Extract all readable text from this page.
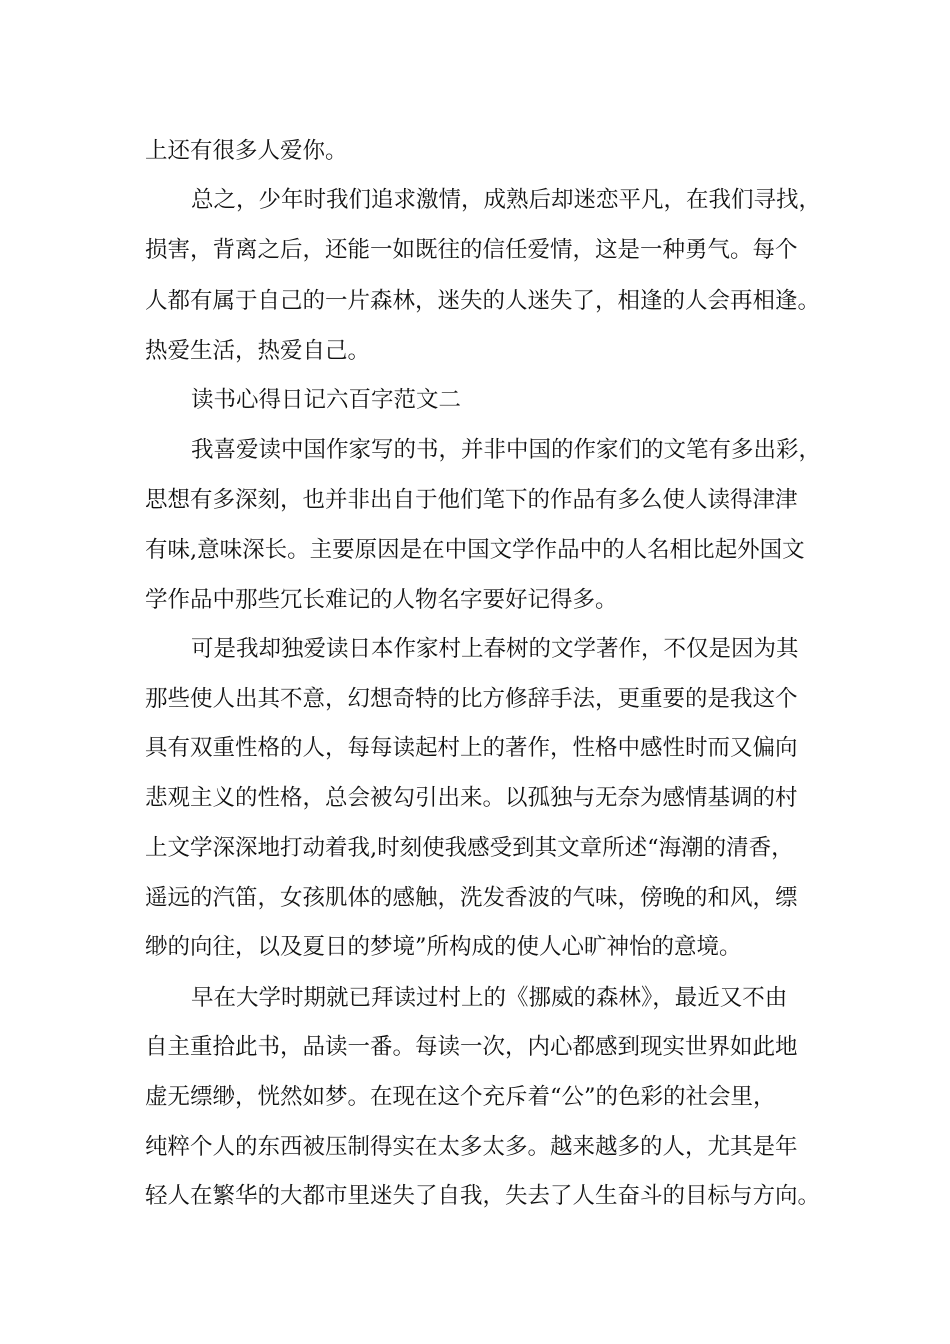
上还有很多人爱你。
总之，少年时我们追求激情，成熟后却迷恋平凡，在我们寻找，
损害，背离之后，还能一如既往的信任爱情，这是一种勇气。每个
人都有属于自己的一片森林，迷失的人迷失了，相逢的人会再相逢。
热爱生活，热爱自己。
读书心得日记六百字范文二
我喜爱读中国作家写的书，并非中国的作家们的文笔有多出彩，
思想有多深刻，也并非出自于他们笔下的作品有多么使人读得津津
有味,意味深长。主要原因是在中国文学作品中的人名相比起外国文
学作品中那些冗长难记的人物名字要好记得多。
可是我却独爱读日本作家村上春树的文学著作，不仅是因为其
那些使人出其不意，幻想奇特的比方修辞手法，更重要的是我这个
具有双重性格的人，每每读起村上的著作，性格中感性时而又偏向
悲观主义的性格，总会被勾引出来。以孤独与无奈为感情基调的村
上文学深深地打动着我,时刻使我感受到其文章所述“海潮的清香，
遥远的汽笛，女孩肌体的感触，洗发香波的气味，傍晚的和风，缥
缈的向往，以及夏日的梦境”所构成的使人心旷神怡的意境。
早在大学时期就已拜读过村上的《挪威的森林》，最近又不由
自主重拾此书，品读一番。每读一次，内心都感到现实世界如此地
虚无缥缈，恍然如梦。在现在这个充斥着“公”的色彩的社会里，
纯粹个人的东西被压制得实在太多太多。越来越多的人，尤其是年
轻人在繁华的大都市里迷失了自我，失去了人生奋斗的目标与方向。
